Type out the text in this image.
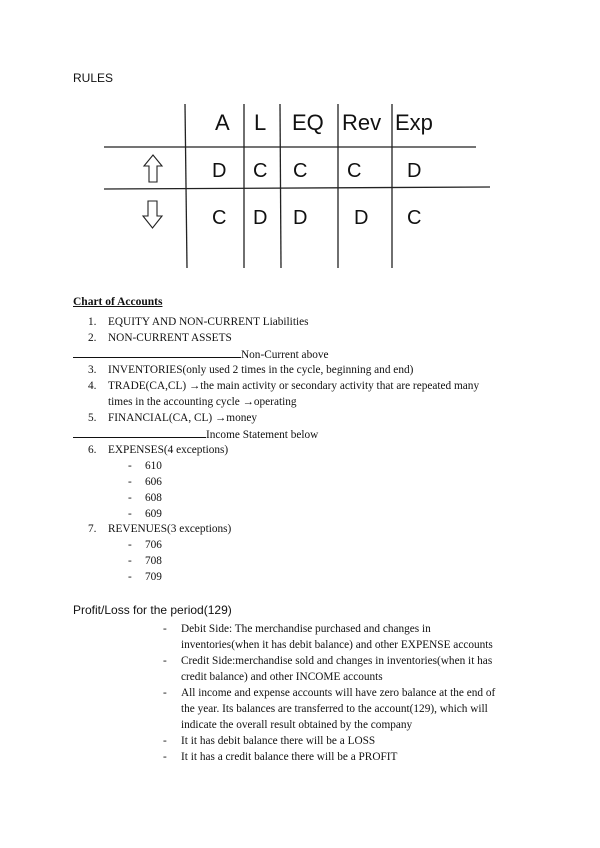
RULES
A L EQ Rev Exp
D C C C D
C D D D C
Chart of Accounts
1. EQUITY AND NON-CURRENT Liabilities
2. NON-CURRENT ASSETS
Non-Current above
3. INVENTORIES(only used 2 times in the cycle, beginning and end)
4. TRADE(CA,CL) →the main activity or secondary activity that are repeated many
times in the accounting cycle →operating
5. FINANCIAL(CA, CL) →money
Income Statement below
6. EXPENSES(4 exceptions)
- 610
- 606
- 608
- 609
7. REVENUES(3 exceptions)
- 706
- 708
- 709
Profit/Loss for the period(129)
- Debit Side: The merchandise purchased and changes in
inventories(when it has debit balance) and other EXPENSE accounts
- Credit Side:merchandise sold and changes in inventories(when it has
credit balance) and other INCOME accounts
- All income and expense accounts will have zero balance at the end of
the year. Its balances are transferred to the account(129), which will
indicate the overall result obtained by the company
- It it has debit balance there will be a LOSS
- It it has a credit balance there will be a PROFIT
